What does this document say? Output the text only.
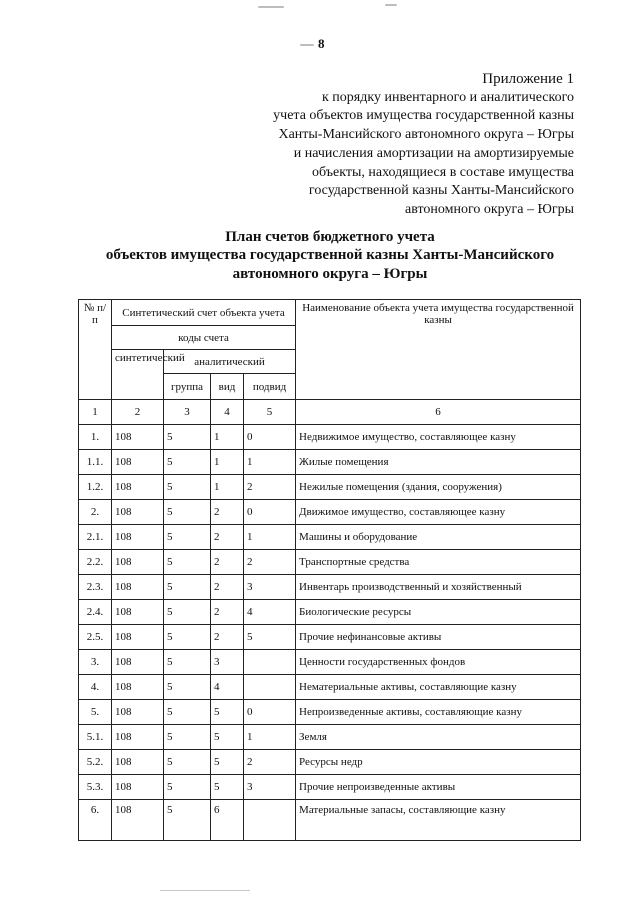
8
Приложение 1
к порядку инвентарного и аналитического
учета объектов имущества государственной казны
Ханты-Мансийского автономного округа – Югры
и начисления амортизации на амортизируемые
объекты, находящиеся в составе имущества
государственной казны Ханты-Мансийского
автономного округа – Югры
План счетов бюджетного учета
объектов имущества государственной казны Ханты-Мансийского
автономного округа – Югры
№ п/п	Синтетический счет объекта учета				Наименование объекта учета имущества государственной казны
	коды счета				
	синтетический	аналитический			
		группа	вид	подвид	
1	2	3	4	5	6
1.	108	5	1	0	Недвижимое имущество, составляющее казну
1.1.	108	5	1	1	Жилые помещения
1.2.	108	5	1	2	Нежилые помещения (здания, сооружения)
2.	108	5	2	0	Движимое имущество, составляющее казну
2.1.	108	5	2	1	Машины и оборудование
2.2.	108	5	2	2	Транспортные средства
2.3.	108	5	2	3	Инвентарь производственный и хозяйственный
2.4.	108	5	2	4	Биологические ресурсы
2.5.	108	5	2	5	Прочие нефинансовые активы
3.	108	5	3		Ценности государственных фондов
4.	108	5	4		Нематериальные активы, составляющие казну
5.	108	5	5	0	Непроизведенные активы, составляющие казну
5.1.	108	5	5	1	Земля
5.2.	108	5	5	2	Ресурсы недр
5.3.	108	5	5	3	Прочие непроизведенные активы
6.	108	5	6		Материальные запасы, составляющие казну
